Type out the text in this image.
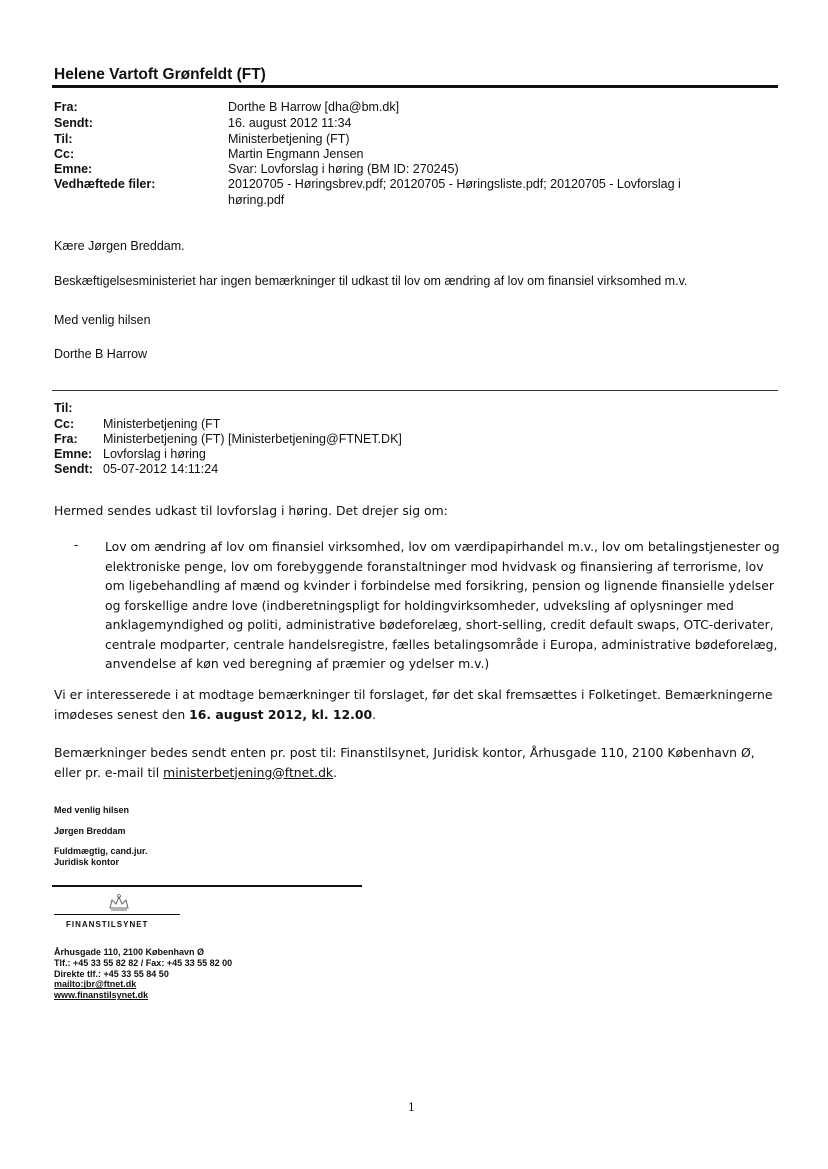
Helene Vartoft Grønfeldt (FT)
Fra:	Dorthe B Harrow [dha@bm.dk]
Sendt:	16. august 2012 11:34
Til:	Ministerbetjening (FT)
Cc:	Martin Engmann Jensen
Emne:	Svar: Lovforslag i høring (BM ID: 270245)
Vedhæftede filer:	20120705 - Høringsbrev.pdf; 20120705 - Høringsliste.pdf; 20120705 - Lovforslag i
høring.pdf
Kære Jørgen Breddam.
Beskæftigelsesministeriet har ingen bemærkninger til udkast til lov om ændring af lov om finansiel virksomhed m.v.
Med venlig hilsen
Dorthe B Harrow
Til:
Cc: Ministerbetjening (FT
Fra: Ministerbetjening (FT) [Ministerbetjening@FTNET.DK]
Emne: Lovforslag i høring
Sendt: 05-07-2012 14:11:24
Hermed sendes udkast til lovforslag i høring. Det drejer sig om:
- Lov om ændring af lov om finansiel virksomhed, lov om værdipapirhandel m.v., lov om betalingstjenester og elektroniske penge, lov om forebyggende foranstaltninger mod hvidvask og finansiering af terrorisme, lov om ligebehandling af mænd og kvinder i forbindelse med forsikring, pension og lignende finansielle ydelser og forskellige andre love (indberetningspligt for holdingvirksomheder, udveksling af oplysninger med anklagemyndighed og politi, administrative bødeforelæg, short-selling, credit default swaps, OTC-derivater, centrale modparter, centrale handelsregistre, fælles betalingsområde i Europa, administrative bødeforelæg, anvendelse af køn ved beregning af præmier og ydelser m.v.)
Vi er interesserede i at modtage bemærkninger til forslaget, før det skal fremsættes i Folketinget. Bemærkningerne imødeses senest den 16. august 2012, kl. 12.00.
Bemærkninger bedes sendt enten pr. post til: Finanstilsynet, Juridisk kontor, Århusgade 110, 2100 København Ø, eller pr. e-mail til ministerbetjening@ftnet.dk.
Med venlig hilsen
Jørgen Breddam
Fuldmægtig, cand.jur.
Juridisk kontor
FINANSTILSYNET
Århusgade 110, 2100 København Ø
Tlf.: +45 33 55 82 82 / Fax: +45 33 55 82 00
Direkte tlf.: +45 33 55 84 50
mailto:jbr@ftnet.dk
www.finanstilsynet.dk
1
